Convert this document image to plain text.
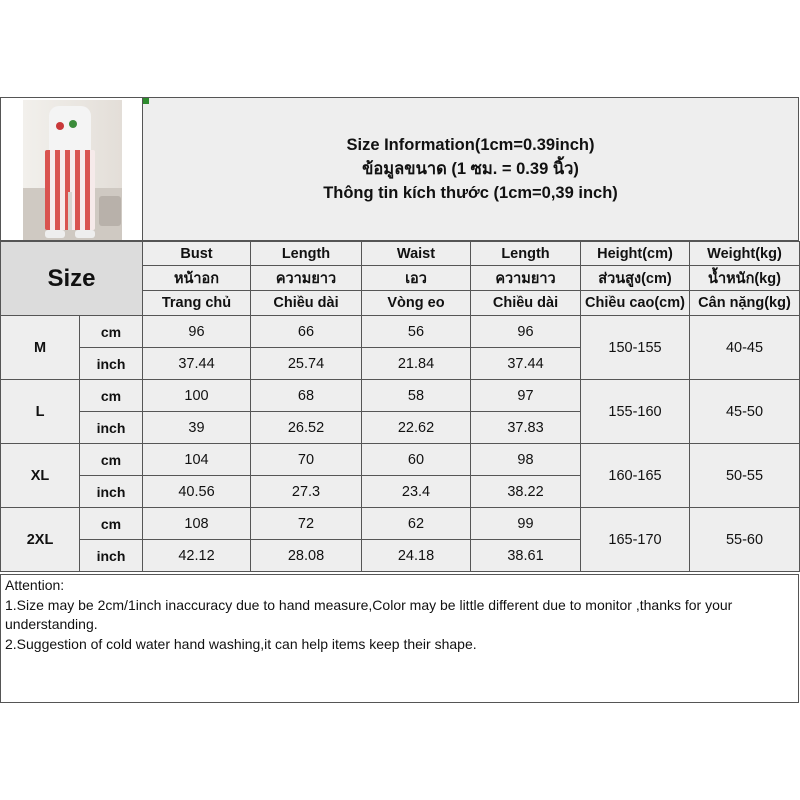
Size Information(1cm=0.39inch)
ข้อมูลขนาด (1 ซม. = 0.39 นิ้ว)
Thông tin kích thước (1cm=0,39 inch)
Size		Bust	Length	Waist	Length	Height(cm)	Weight(kg)
		หน้าอก	ความยาว	เอว	ความยาว	ส่วนสูง(cm)	น้ำหนัก(kg)
		Trang chủ	Chiều dài	Vòng eo	Chiều dài	Chiều cao(cm)	Cân nặng(kg)
M	cm	96	66	56	96	150-155	40-45
	inch	37.44	25.74	21.84	37.44		
L	cm	100	68	58	97	155-160	45-50
	inch	39	26.52	22.62	37.83		
XL	cm	104	70	60	98	160-165	50-55
	inch	40.56	27.3	23.4	38.22		
2XL	cm	108	72	62	99	165-170	55-60
	inch	42.12	28.08	24.18	38.61		
Attention:
1.Size may be 2cm/1inch inaccuracy due to hand measure,Color may be little different due to monitor ,thanks for your understanding.
2.Suggestion of cold water hand washing,it can help items keep their shape.
